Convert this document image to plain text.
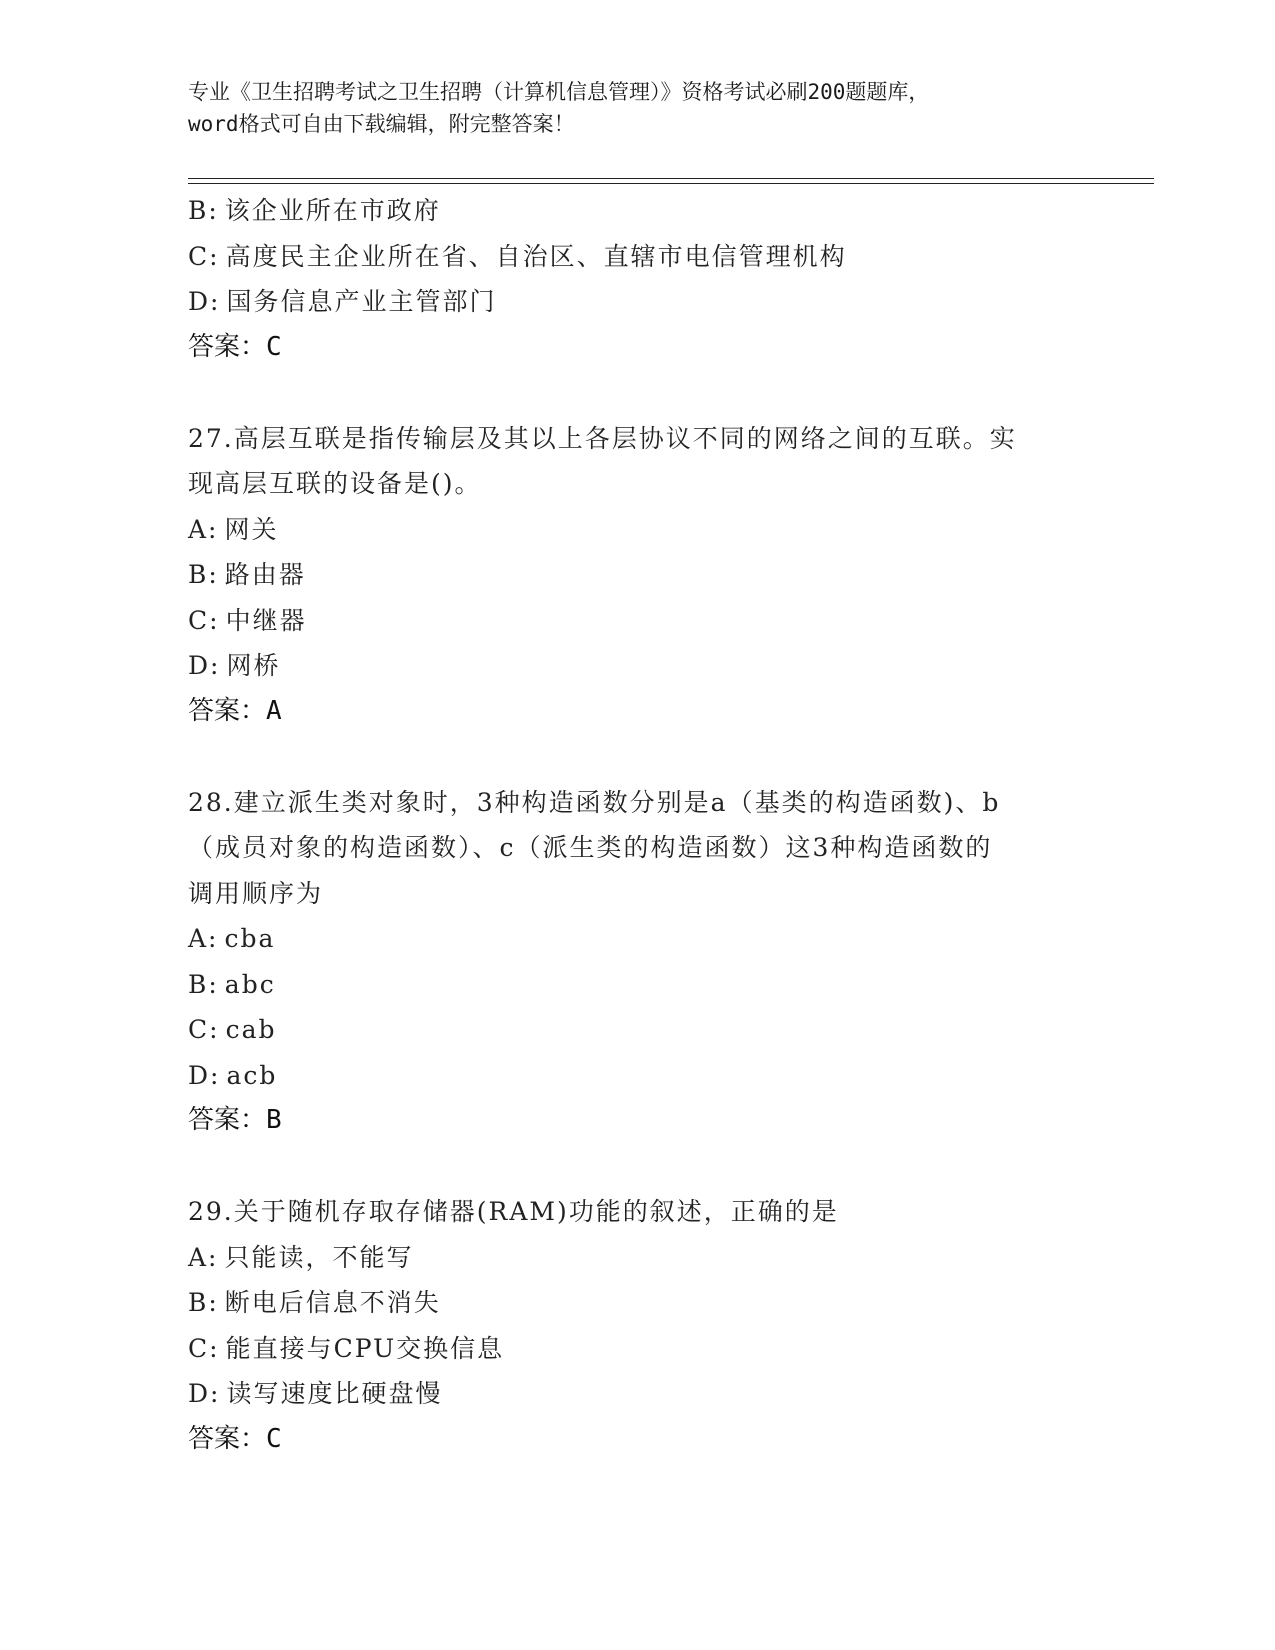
专业《卫生招聘考试之卫生招聘（计算机信息管理）》资格考试必刷200题题库，
word格式可自由下载编辑，附完整答案！
B: 该企业所在市政府
C: 高度民主企业所在省、自治区、直辖市电信管理机构
D: 国务信息产业主管部门
答案：C
27.高层互联是指传输层及其以上各层协议不同的网络之间的互联。实
现高层互联的设备是()。
A: 网关
B: 路由器
C: 中继器
D: 网桥
答案：A
28.建立派生类对象时，3种构造函数分别是a（基类的构造函数)、b
（成员对象的构造函数）、c（派生类的构造函数）这3种构造函数的
调用顺序为
A: cba
B: abc
C: cab
D: acb
答案：B
29.关于随机存取存储器(RAM)功能的叙述，正确的是
A: 只能读，不能写
B: 断电后信息不消失
C: 能直接与CPU交换信息
D: 读写速度比硬盘慢
答案：C
